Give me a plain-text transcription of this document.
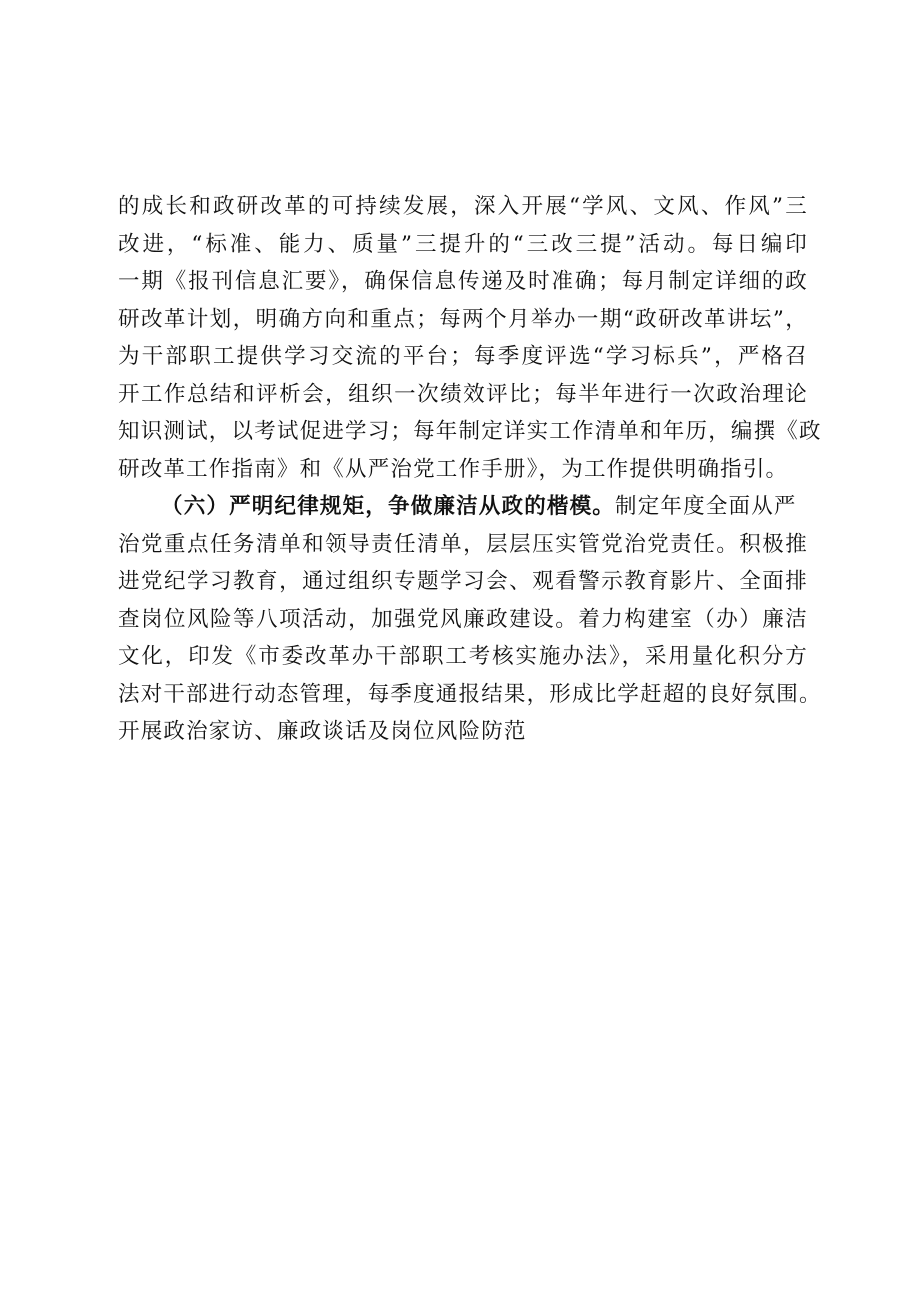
的成长和政研改革的可持续发展，深入开展“学风、文风、作风”三
改进，“标准、能力、质量”三提升的“三改三提”活动。每日编印
一期《报刊信息汇要》，确保信息传递及时准确；每月制定详细的政
研改革计划，明确方向和重点；每两个月举办一期“政研改革讲坛”，
为干部职工提供学习交流的平台；每季度评选“学习标兵”，严格召
开工作总结和评析会，组织一次绩效评比；每半年进行一次政治理论
知识测试，以考试促进学习；每年制定详实工作清单和年历，编撰《政
研改革工作指南》和《从严治党工作手册》，为工作提供明确指引。
（六）严明纪律规矩，争做廉洁从政的楷模。制定年度全面从严
治党重点任务清单和领导责任清单，层层压实管党治党责任。积极推
进党纪学习教育，通过组织专题学习会、观看警示教育影片、全面排
查岗位风险等八项活动，加强党风廉政建设。着力构建室（办）廉洁
文化，印发《市委改革办干部职工考核实施办法》，采用量化积分方
法对干部进行动态管理，每季度通报结果，形成比学赶超的良好氛围。
开展政治家访、廉政谈话及岗位风险防范
